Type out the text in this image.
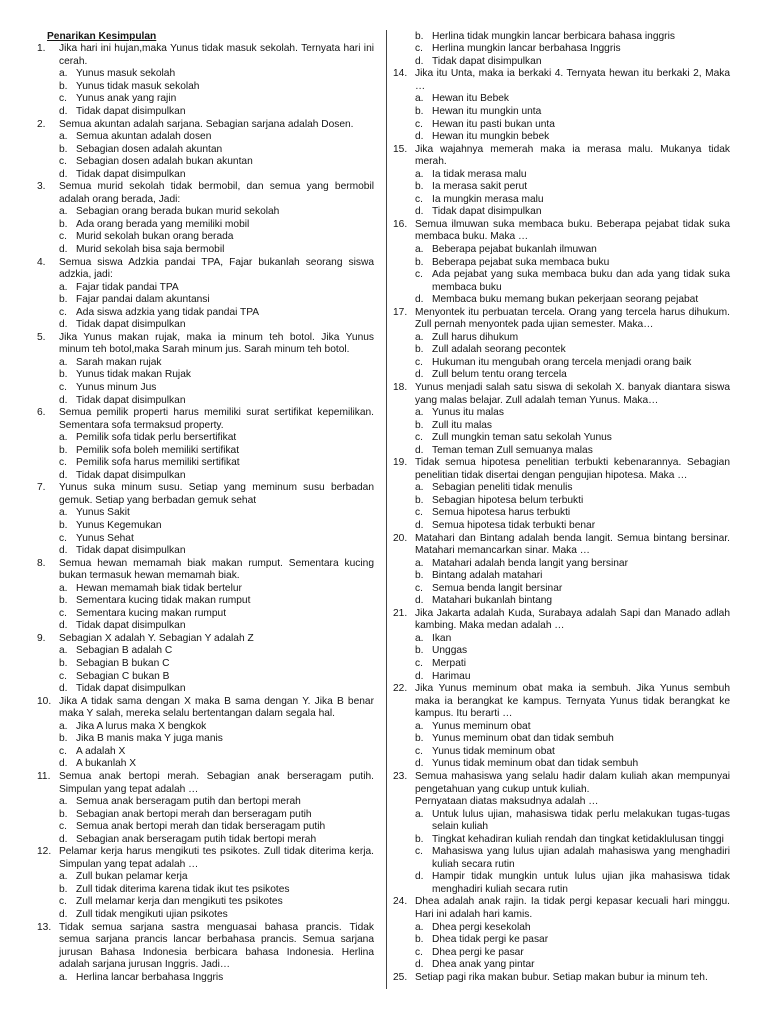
Penarikan Kesimpulan
1. Jika hari ini hujan,maka Yunus tidak masuk sekolah. Ternyata hari ini
cerah.
a. Yunus masuk sekolah
b. Yunus tidak masuk sekolah
c. Yunus anak yang rajin
d. Tidak dapat disimpulkan
2. Semua akuntan adalah sarjana. Sebagian sarjana adalah Dosen.
a. Semua akuntan adalah dosen
b. Sebagian dosen adalah akuntan
c. Sebagian dosen adalah bukan akuntan
d. Tidak dapat disimpulkan
3. Semua murid sekolah tidak bermobil, dan semua yang bermobil
adalah orang berada, Jadi:
a. Sebagian orang berada bukan murid sekolah
b. Ada orang berada yang memiliki mobil
c. Murid sekolah bukan orang berada
d. Murid sekolah bisa saja bermobil
4. Semua siswa Adzkia pandai TPA, Fajar bukanlah seorang siswa
adzkia, jadi:
a. Fajar tidak pandai TPA
b. Fajar pandai dalam akuntansi
c. Ada siswa adzkia yang tidak pandai TPA
d. Tidak dapat disimpulkan
5. Jika Yunus makan rujak, maka ia minum teh botol. Jika Yunus
minum teh botol,maka Sarah minum jus. Sarah minum teh botol.
a. Sarah makan rujak
b. Yunus tidak makan Rujak
c. Yunus minum Jus
d. Tidak dapat disimpulkan
6. Semua pemilik properti harus memiliki surat sertifikat kepemilikan.
Sementara sofa termaksud property.
a. Pemilik sofa tidak perlu bersertifikat
b. Pemilik sofa boleh memiliki sertifikat
c. Pemilik sofa harus memiliki sertifikat
d. Tidak dapat disimpulkan
7. Yunus suka minum susu. Setiap yang meminum susu berbadan
gemuk. Setiap yang berbadan gemuk sehat
a. Yunus Sakit
b. Yunus Kegemukan
c. Yunus Sehat
d. Tidak dapat disimpulkan
8. Semua hewan memamah biak makan rumput. Sementara kucing
bukan termasuk hewan memamah biak.
a. Hewan memamah biak tidak bertelur
b. Sementara kucing tidak makan rumput
c. Sementara kucing makan rumput
d. Tidak dapat disimpulkan
9. Sebagian X adalah Y. Sebagian Y adalah Z
a. Sebagian B adalah C
b. Sebagian B bukan C
c. Sebagian C bukan B
d. Tidak dapat disimpulkan
10. Jika A tidak sama dengan X maka B sama dengan Y. Jika B benar
maka Y salah, mereka selalu bertentangan dalam segala hal.
a. Jika A lurus maka X bengkok
b. Jika B manis maka Y juga manis
c. A adalah X
d. A bukanlah X
11. Semua anak bertopi merah. Sebagian anak berseragam putih.
Simpulan yang tepat adalah …
a. Semua anak berseragam putih dan bertopi merah
b. Sebagian anak bertopi merah dan berseragam putih
c. Semua anak bertopi merah dan tidak berseragam putih
d. Sebagian anak berseragam putih tidak bertopi merah
12. Pelamar kerja harus mengikuti tes psikotes. Zull tidak diterima kerja.
Simpulan yang tepat adalah …
a. Zull bukan pelamar kerja
b. Zull tidak diterima karena tidak ikut tes psikotes
c. Zull melamar kerja dan mengikuti tes psikotes
d. Zull tidak mengikuti ujian psikotes
13. Tidak semua sarjana sastra menguasai bahasa prancis. Tidak
semua sarjana prancis lancar berbahasa prancis. Semua sarjana
jurusan Bahasa Indonesia berbicara bahasa Indonesia. Herlina
adalah sarjana jurusan Inggris. Jadi…
a. Herlina lancar berbahasa Inggris
b. Herlina tidak mungkin lancar berbicara bahasa inggris
c. Herlina mungkin lancar berbahasa Inggris
d. Tidak dapat disimpulkan
14. Jika itu Unta, maka ia berkaki 4. Ternyata hewan itu berkaki 2, Maka
…
a. Hewan itu Bebek
b. Hewan itu mungkin unta
c. Hewan itu pasti bukan unta
d. Hewan itu mungkin bebek
15. Jika wajahnya memerah maka ia merasa malu. Mukanya tidak
merah.
a. Ia tidak merasa malu
b. Ia merasa sakit perut
c. Ia mungkin merasa malu
d. Tidak dapat disimpulkan
16. Semua ilmuwan suka membaca buku. Beberapa pejabat tidak suka
membaca buku. Maka …
a. Beberapa pejabat bukanlah ilmuwan
b. Beberapa pejabat suka membaca buku
c. Ada pejabat yang suka membaca buku dan ada yang tidak suka
membaca buku
d. Membaca buku memang bukan pekerjaan seorang pejabat
17. Menyontek itu perbuatan tercela. Orang yang tercela harus dihukum.
Zull pernah menyontek pada ujian semester. Maka…
a. Zull harus dihukum
b. Zull adalah seorang pecontek
c. Hukuman itu mengubah orang tercela menjadi orang baik
d. Zull belum tentu orang tercela
18. Yunus menjadi salah satu siswa di sekolah X. banyak diantara siswa
yang malas belajar. Zull adalah teman Yunus. Maka…
a. Yunus itu malas
b. Zull itu malas
c. Zull mungkin teman satu sekolah Yunus
d. Teman teman Zull semuanya malas
19. Tidak semua hipotesa penelitian terbukti kebenarannya. Sebagian
penelitian tidak disertai dengan pengujian hipotesa. Maka …
a. Sebagian peneliti tidak menulis
b. Sebagian hipotesa belum terbukti
c. Semua hipotesa harus terbukti
d. Semua hipotesa tidak terbukti benar
20. Matahari dan Bintang adalah benda langit. Semua bintang bersinar.
Matahari memancarkan sinar. Maka …
a. Matahari adalah benda langit yang bersinar
b. Bintang adalah matahari
c. Semua benda langit bersinar
d. Matahari bukanlah bintang
21. Jika Jakarta adalah Kuda, Surabaya adalah Sapi dan Manado adlah
kambing. Maka medan adalah …
a. Ikan
b. Unggas
c. Merpati
d. Harimau
22. Jika Yunus meminum obat maka ia sembuh. Jika Yunus sembuh
maka ia berangkat ke kampus. Ternyata Yunus tidak berangkat ke
kampus. Itu berarti …
a. Yunus meminum obat
b. Yunus meminum obat dan tidak sembuh
c. Yunus tidak meminum obat
d. Yunus tidak meminum obat dan tidak sembuh
23. Semua mahasiswa yang selalu hadir dalam kuliah akan mempunyai
pengetahuan yang cukup untuk kuliah.
Pernyataan diatas maksudnya adalah …
a. Untuk lulus ujian, mahasiswa tidak perlu melakukan tugas-tugas
selain kuliah
b. Tingkat kehadiran kuliah rendah dan tingkat ketidaklulusan tinggi
c. Mahasiswa yang lulus ujian adalah mahasiswa yang menghadiri
kuliah secara rutin
d. Hampir tidak mungkin untuk lulus ujian jika mahasiswa tidak
menghadiri kuliah secara rutin
24. Dhea adalah anak rajin. Ia tidak pergi kepasar kecuali hari minggu.
Hari ini adalah hari kamis.
a. Dhea pergi kesekolah
b. Dhea tidak pergi ke pasar
c. Dhea pergi ke pasar
d. Dhea anak yang pintar
25. Setiap pagi rika makan bubur. Setiap makan bubur ia minum teh.
